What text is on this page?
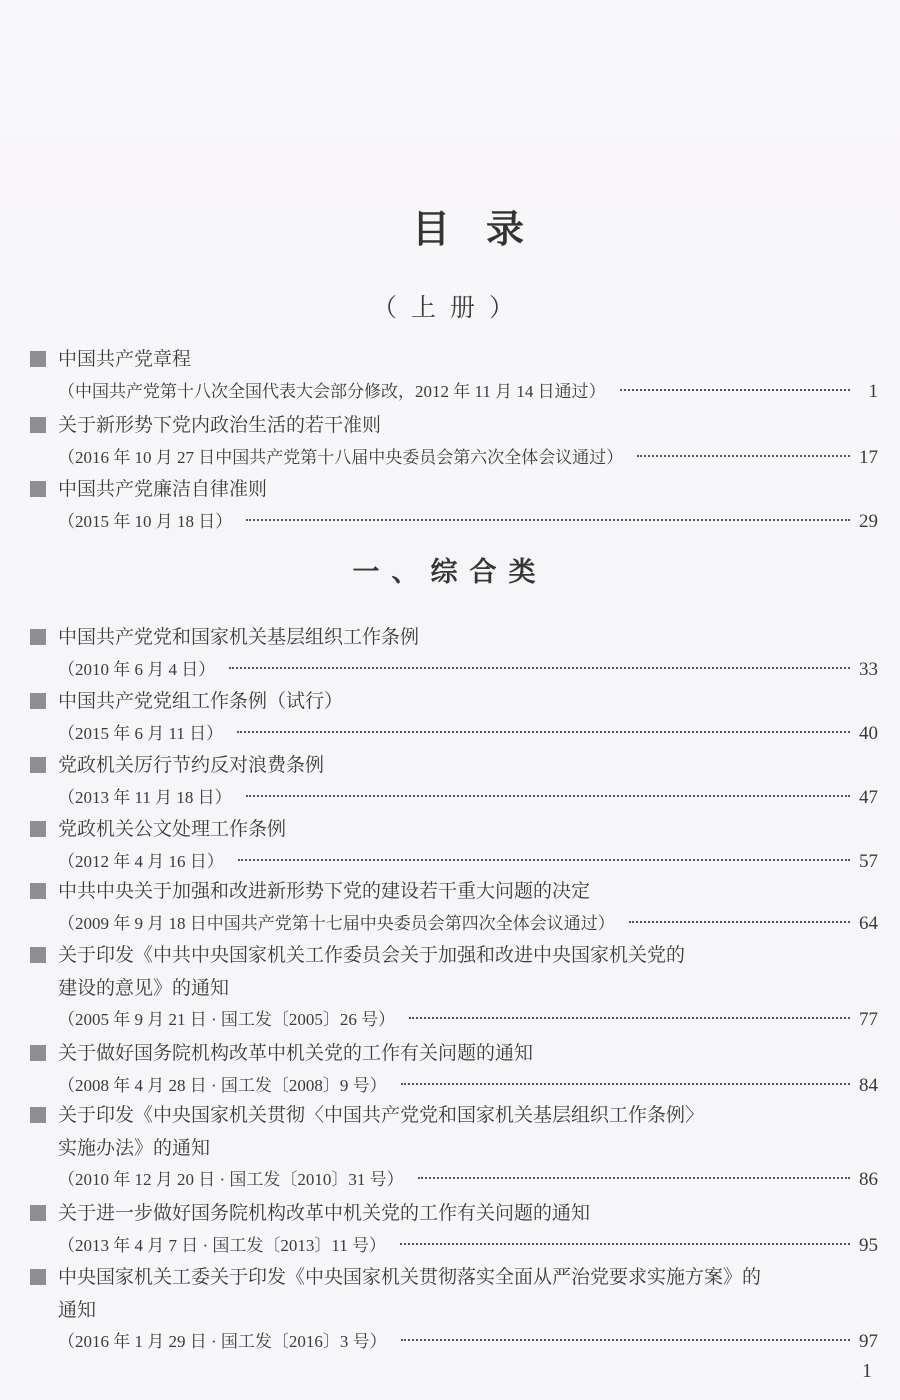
目录
（上册）
中国共产党章程
（中国共产党第十八次全国代表大会部分修改，2012 年 11 月 14 日通过）	1
关于新形势下党内政治生活的若干准则
（2016 年 10 月 27 日中国共产党第十八届中央委员会第六次全体会议通过）	17
中国共产党廉洁自律准则
（2015 年 10 月 18 日）	29
一、综合类
中国共产党党和国家机关基层组织工作条例
（2010 年 6 月 4 日）	33
中国共产党党组工作条例（试行）
（2015 年 6 月 11 日）	40
党政机关厉行节约反对浪费条例
（2013 年 11 月 18 日）	47
党政机关公文处理工作条例
（2012 年 4 月 16 日）	57
中共中央关于加强和改进新形势下党的建设若干重大问题的决定
（2009 年 9 月 18 日中国共产党第十七届中央委员会第四次全体会议通过）	64
关于印发《中共中央国家机关工作委员会关于加强和改进中央国家机关党的
建设的意见》的通知
（2005 年 9 月 21 日 · 国工发〔2005〕26 号）	77
关于做好国务院机构改革中机关党的工作有关问题的通知
（2008 年 4 月 28 日 · 国工发〔2008〕9 号）	84
关于印发《中央国家机关贯彻〈中国共产党党和国家机关基层组织工作条例〉
实施办法》的通知
（2010 年 12 月 20 日 · 国工发〔2010〕31 号）	86
关于进一步做好国务院机构改革中机关党的工作有关问题的通知
（2013 年 4 月 7 日 · 国工发〔2013〕11 号）	95
中央国家机关工委关于印发《中央国家机关贯彻落实全面从严治党要求实施方案》的
通知
（2016 年 1 月 29 日 · 国工发〔2016〕3 号）	97
1
